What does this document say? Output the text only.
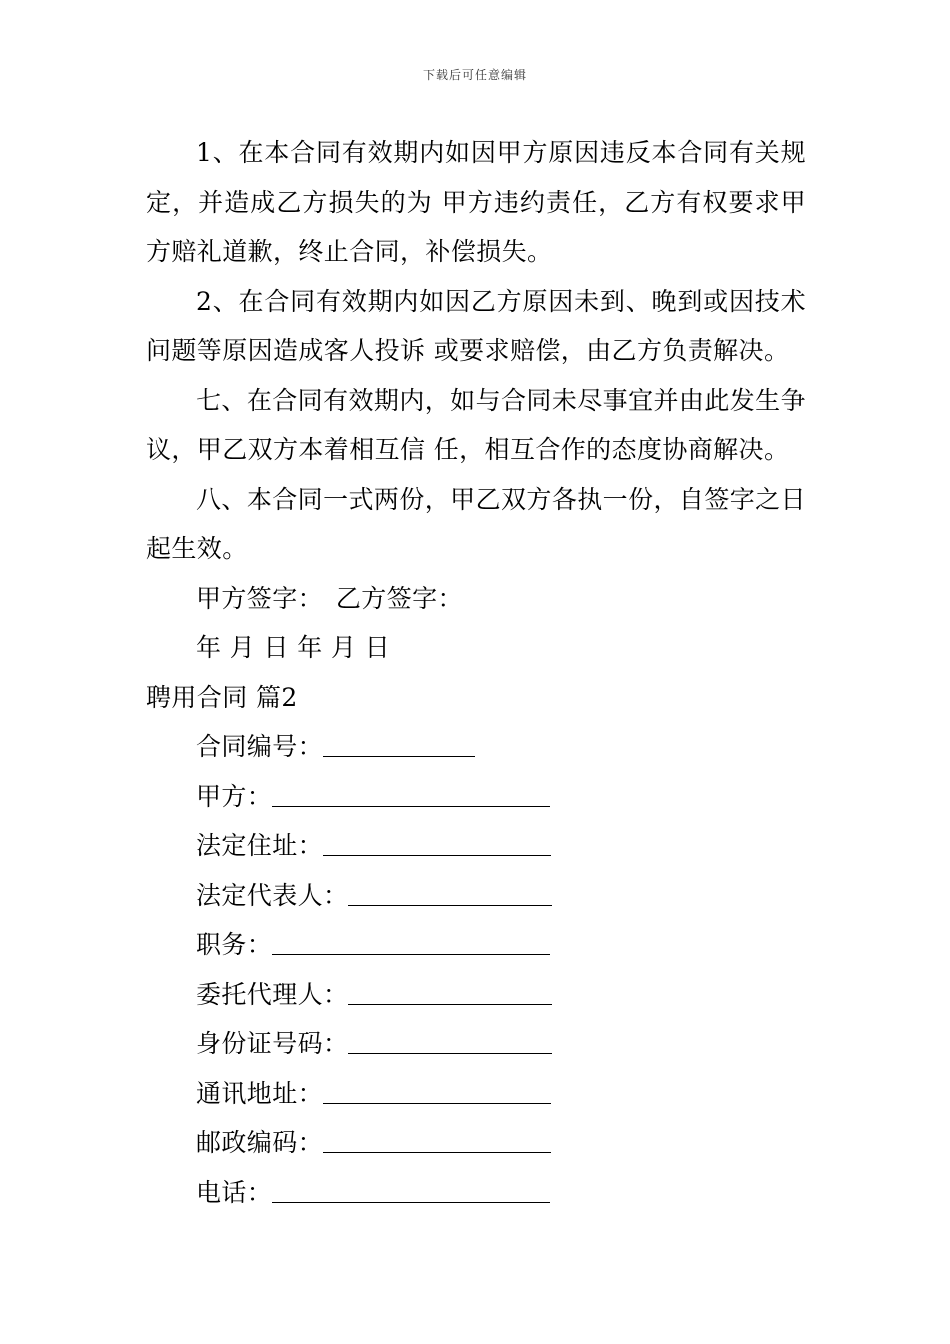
下载后可任意编辑

1、在本合同有效期内如因甲方原因违反本合同有关规定，并造成乙方损失的为 甲方违约责任，乙方有权要求甲方赔礼道歉，终止合同，补偿损失。

2、在合同有效期内如因乙方原因未到、晚到或因技术问题等原因造成客人投诉 或要求赔偿，由乙方负责解决。

七、在合同有效期内，如与合同未尽事宜并由此发生争议，甲乙双方本着相互信 任，相互合作的态度协商解决。

八、本合同一式两份，甲乙双方各执一份，自签字之日起生效。

甲方签字：　乙方签字：

年 月 日 年 月 日

聘用合同 篇2

合同编号：
甲方：
法定住址：
法定代表人：
职务：
委托代理人：
身份证号码：
通讯地址：
邮政编码：
电话：
